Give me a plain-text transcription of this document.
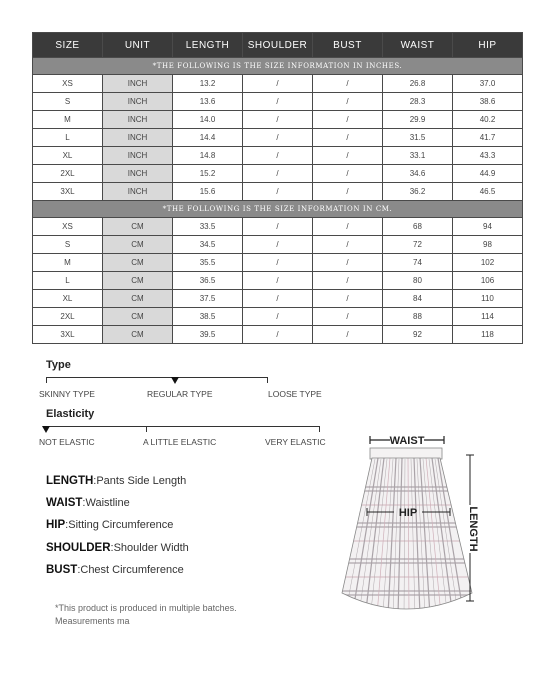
SIZE	UNIT	LENGTH	SHOULDER	BUST	WAIST	HIP
*THE FOLLOWING IS THE SIZE INFORMATION IN INCHES.						
XS	INCH	13.2	/	/	26.8	37.0
S	INCH	13.6	/	/	28.3	38.6
M	INCH	14.0	/	/	29.9	40.2
L	INCH	14.4	/	/	31.5	41.7
XL	INCH	14.8	/	/	33.1	43.3
2XL	INCH	15.2	/	/	34.6	44.9
3XL	INCH	15.6	/	/	36.2	46.5
*THE FOLLOWING IS THE SIZE INFORMATION IN CM.						
XS	CM	33.5	/	/	68	94
S	CM	34.5	/	/	72	98
M	CM	35.5	/	/	74	102
L	CM	36.5	/	/	80	106
XL	CM	37.5	/	/	84	110
2XL	CM	38.5	/	/	88	114
3XL	CM	39.5	/	/	92	118
Type
SKINNY TYPE	REGULAR TYPE	LOOSE TYPE
Elasticity
NOT ELASTIC	A LITTLE ELASTIC	VERY ELASTIC
LENGTH:Pants Side Length
WAIST:Waistline
HIP:Sitting Circumference
SHOULDER:Shoulder Width
BUST:Chest Circumference
*This product is produced in multiple batches.
Measurements ma
WAIST
HIP	LENGTH
